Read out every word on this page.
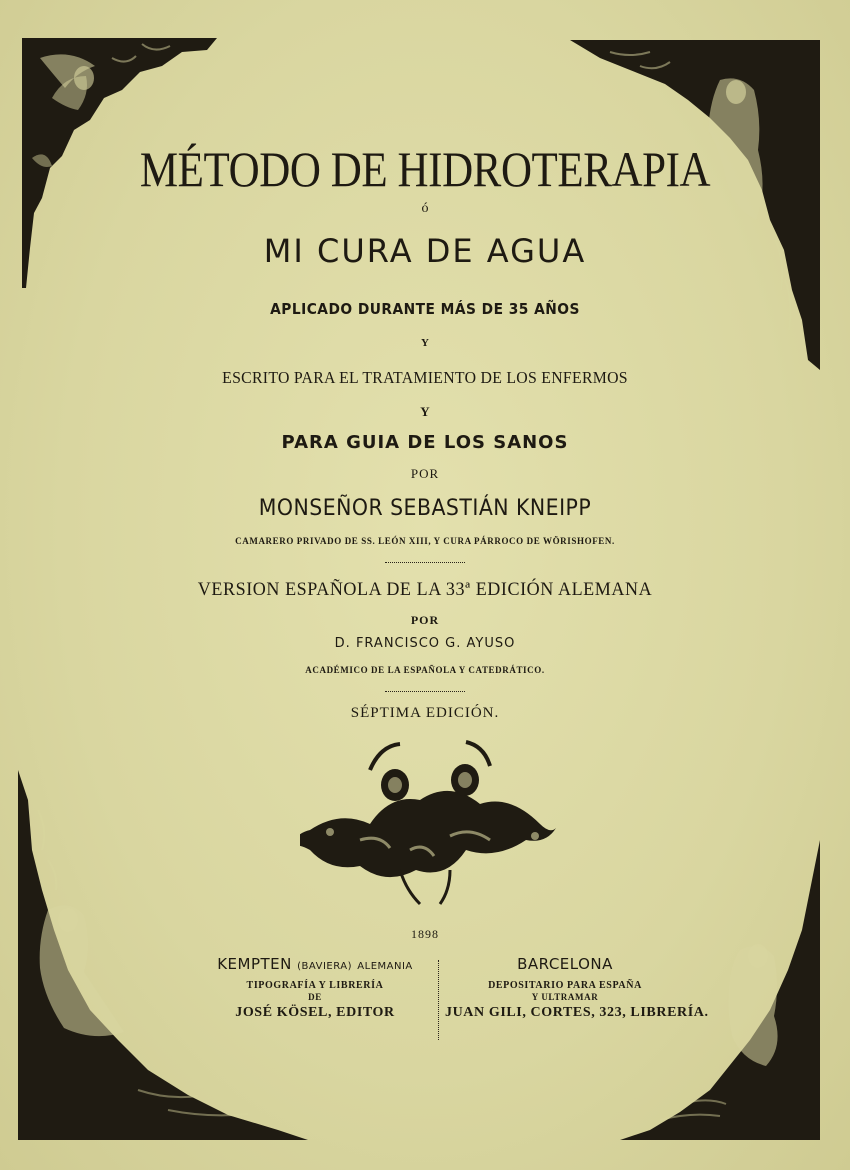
MÉTODO DE HIDROTERAPIA
ó
MI CURA DE AGUA
APLICADO DURANTE MÁS DE 35 AÑOS
Y
ESCRITO PARA EL TRATAMIENTO DE LOS ENFERMOS
Y
PARA GUIA DE LOS SANOS
POR
MONSEÑOR SEBASTIÁN KNEIPP
CAMARERO PRIVADO DE SS. LEÓN XIII, Y CURA PÁRROCO DE WÖRISHOFEN.
VERSION ESPAÑOLA DE LA 33ª EDICIÓN ALEMANA
POR
D. FRANCISCO G. AYUSO
ACADÉMICO DE LA ESPAÑOLA Y CATEDRÁTICO.
SÉPTIMA EDICIÓN.
1898
KEMPTEN (BAVIERA) ALEMANIA
TIPOGRAFÍA Y LIBRERÍA
DE
JOSÉ KÖSEL, EDITOR
BARCELONA
DEPOSITARIO PARA ESPAÑA
Y ULTRAMAR
JUAN GILI, CORTES, 323, LIBRERÍA.
